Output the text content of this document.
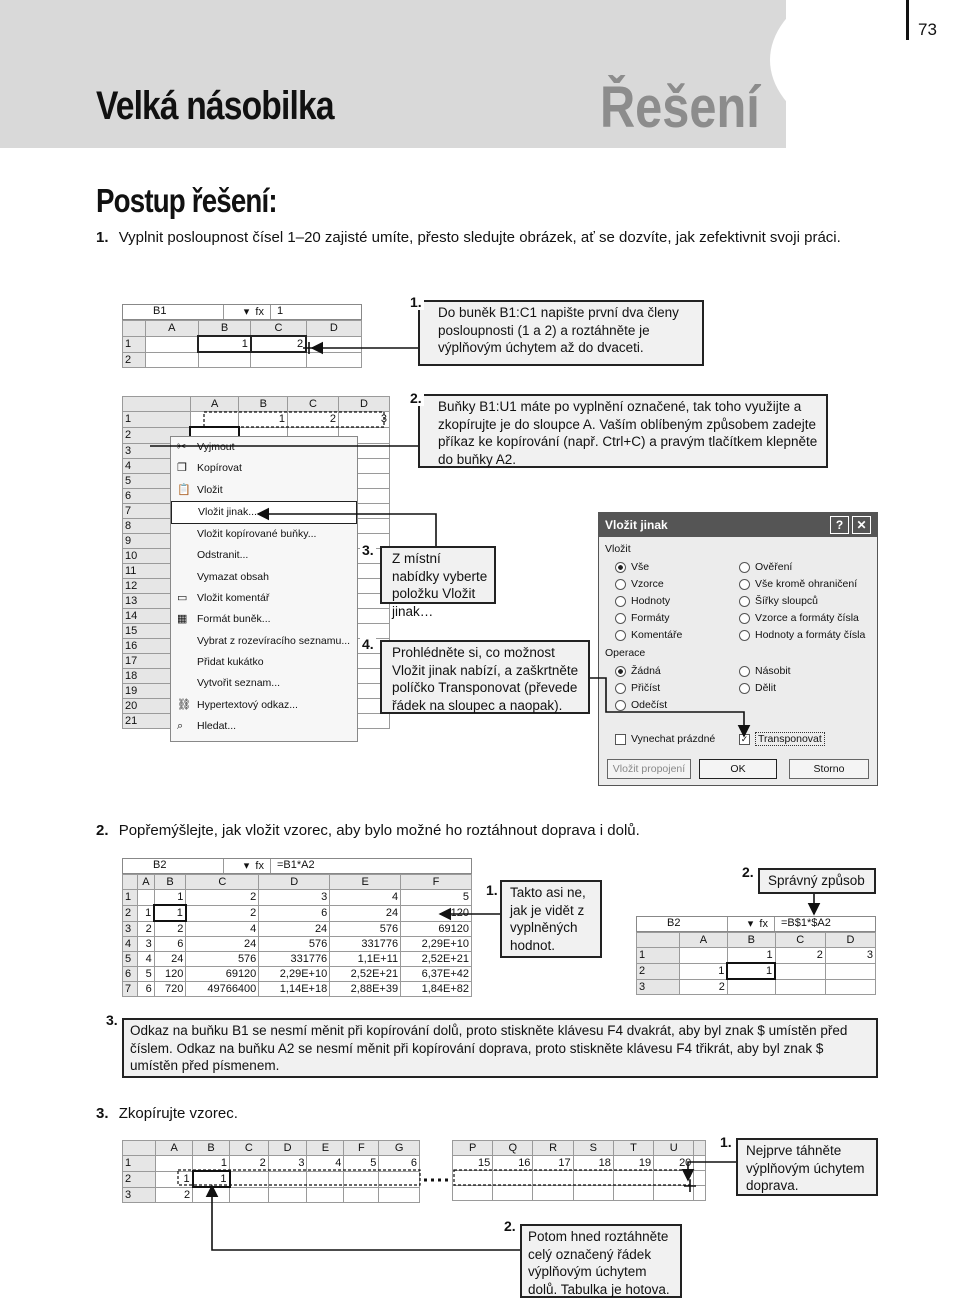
73
Velká násobilka	Řešení
Postup řešení:
1. Vyplnit posloupnost čísel 1–20 zajisté umíte, přesto sledujte obrázek, ať se dozvíte, jak zefektivnit svoji práci.
B1	▾  fx	1
	A	B	C	D
1		1	2	
2				
Do buněk B1:C1 napište první dva členy posloupnosti (1 a 2) a roztáhněte je výplňovým úchytem až do dvaceti.
1.
	A	B	C	D
1		1	2	3
2				
3				
4				
5				
6				
7				
8				
9				
10				
11				
12				
13				
14				
15				
16				
17				
18				
19				
20				
21				
✂ Vyjmout
❐ Kopírovat
📋 Vložit
Vložit jinak...
Vložit kopírované buňky...
Odstranit...
Vymazat obsah
▭ Vložit komentář
▦ Formát buněk...
Vybrat z rozevíracího seznamu...
Přidat kukátko
Vytvořit seznam...
⛓ Hypertextový odkaz...
⌕ Hledat...
Buňky B1:U1 máte po vyplnění označené, tak toho využijte a zkopírujte je do sloupce A. Vaším oblíbeným způsobem zadejte příkaz ke kopírování (např. Ctrl+C) a pravým tlačítkem klepněte do buňky A2.
2.
Z místní nabídky vyberte položku Vložit jinak…
3.
Prohlédněte si, co možnost Vložit jinak nabízí, a zaškrtněte políčko Transponovat (převede řádek na sloupec a naopak).
4.
Vložit jinak	?	✕
Vložit
Vše
Vzorce
Hodnoty
Formáty
Komentáře
Ověření
Vše kromě ohraničení
Šířky sloupců
Vzorce a formáty čísla
Hodnoty a formáty čísla
Operace
Žádná
Přičíst
Odečíst
Násobit
Dělit
Vynechat prázdné	✓ Transponovat
Vložit propojení	OK	Storno
2. Popřemýšlejte, jak vložit vzorec, aby bylo možné ho roztáhnout doprava i dolů.
B2	▾  fx	=B1*A2
	A	B	C	D	E	F
1		1	2	3	4	5
2	1	1	2	6	24	120
3	2	2	4	24	576	69120
4	3	6	24	576	331776	2,29E+10
5	4	24	576	331776	1,1E+11	2,52E+21
6	5	120	69120	2,29E+10	2,52E+21	6,37E+42
7	6	720	49766400	1,14E+18	2,88E+39	1,84E+82
Takto asi ne, jak je vidět z vyplněných hodnot.
1.
Správný způsob
2.
B2	▾  fx	=B$1*$A2
	A	B	C	D
1		1	2	3
2	1	1		
3	2			
Odkaz na buňku B1 se nesmí měnit při kopírování dolů, proto stiskněte klávesu F4 dvakrát, aby byl znak $ umístěn před číslem. Odkaz na buňku A2 se nesmí měnit při kopírování doprava, proto stiskněte klávesu F4 třikrát, aby byl znak $ umístěn před písmenem.
3.
3. Zkopírujte vzorec.
	A	B	C	D	E	F	G
1		1	2	3	4	5	6
2	1	1					
3	2						
P	Q	R	S	T	U	
15	16	17	18	19	20	

Nejprve táhněte výplňovým úchytem doprava.
1.
Potom hned roztáhněte celý označený řádek výplňovým úchytem dolů. Tabulka je hotova.
2.
